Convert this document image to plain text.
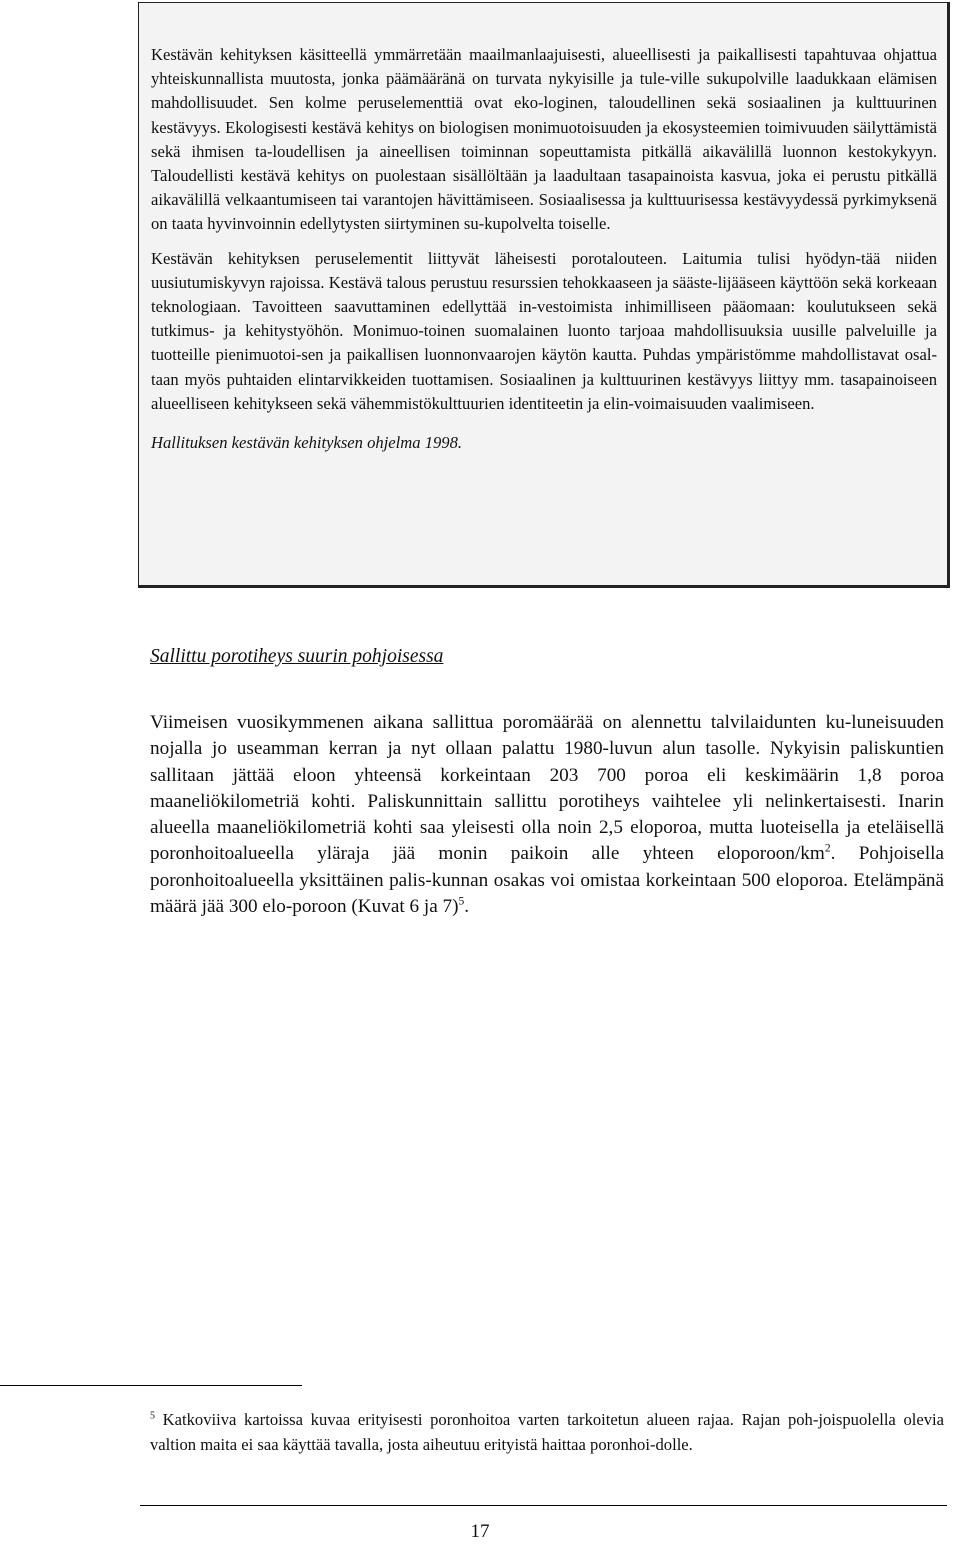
Kestävän kehityksen käsitteellä ymmärretään maailmanlaajuisesti, alueellisesti ja paikallisesti tapahtuvaa ohjattua yhteiskunnallista muutosta, jonka päämääränä on turvata nykyisille ja tule-ville sukupolville laadukkaan elämisen mahdollisuudet. Sen kolme peruselementtiä ovat eko-loginen, taloudellinen sekä sosiaalinen ja kulttuurinen kestävyys. Ekologisesti kestävä kehitys on biologisen monimuotoisuuden ja ekosysteemien toimivuuden säilyttämistä sekä ihmisen ta-loudellisen ja aineellisen toiminnan sopeuttamista pitkällä aikavälillä luonnon kestokykyyn. Taloudellisti kestävä kehitys on puolestaan sisällöltään ja laadultaan tasapainoista kasvua, joka ei perustu pitkällä aikavälillä velkaantumiseen tai varantojen hävittämiseen. Sosiaalisessa ja kulttuurisessa kestävyydessä pyrkimyksenä on taata hyvinvoinnin edellytysten siirtyminen su-kupolvelta toiselle.

Kestävän kehityksen peruselementit liittyvät läheisesti porotalouteen. Laitumia tulisi hyödyn-tää niiden uusiutumiskyvyn rajoissa. Kestävä talous perustuu resurssien tehokkaaseen ja sääste-lijääseen käyttöön sekä korkeaan teknologiaan. Tavoitteen saavuttaminen edellyttää in-vestoimista inhimilliseen pääomaan: koulutukseen sekä tutkimus- ja kehitystyöhön. Monimuo-toinen suomalainen luonto tarjoaa mahdollisuuksia uusille palveluille ja tuotteille pienimuotoi-sen ja paikallisen luonnonvaarojen käytön kautta. Puhdas ympäristömme mahdollistavat osal-taan myös puhtaiden elintarvikkeiden tuottamisen. Sosiaalinen ja kulttuurinen kestävyys liittyy mm. tasapainoiseen alueelliseen kehitykseen sekä vähemmistökulttuurien identiteetin ja elin-voimaisuuden vaalimiseen.

Hallituksen kestävän kehityksen ohjelma 1998.

Sallittu porotiheys suurin pohjoisessa

Viimeisen vuosikymmenen aikana sallittua poromäärää on alennettu talvilaidunten ku-luneisuuden nojalla jo useamman kerran ja nyt ollaan palattu 1980-luvun alun tasolle. Nykyisin paliskuntien sallitaan jättää eloon yhteensä korkeintaan 203 700 poroa eli keskimäärin 1,8 poroa maaneliökilometriä kohti. Paliskunnittain sallittu porotiheys vaihtelee yli nelinkertaisesti. Inarin alueella maaneliökilometriä kohti saa yleisesti olla noin 2,5 eloporoa, mutta luoteisella ja eteläisellä poronhoitoalueella yläraja jää monin paikoin alle yhteen eloporoon/$km^2$. Pohjoisella poronhoitoalueella yksittäinen palis-kunnan osakas voi omistaa korkeintaan 500 eloporoa. Etelämpänä määrä jää 300 elo-poroon (Kuvat 6 ja 7)$^5$.

$^5$ Katkoviiva kartoissa kuvaa erityisesti poronhoitoa varten tarkoitetun alueen rajaa. Rajan poh-joispuolella olevia valtion maita ei saa käyttää tavalla, josta aiheutuu erityistä haittaa poronhoi-dolle.

17
